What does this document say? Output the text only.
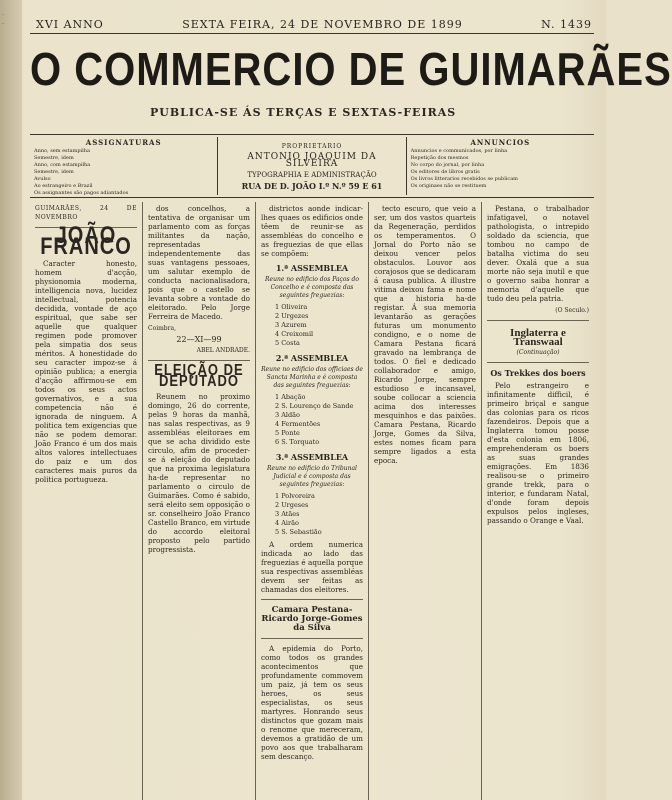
.
.	XVI ANNO	SEXTA FEIRA, 24 DE NOVEMBRO DE 1899	N. 1439
O COMMERCIO DE GUIMARÃES
PUBLICA-SE ÁS TERÇAS E SEXTAS-FEIRAS
ASSIGNATURAS
Anno, sem estampilha
Semestre, idem
Anno, com estampilha
Semestre, idem
Avulso
Ao estrangeiro e Brazil
Os assignantes são pagos adiantados
PROPRIETARIO
ANTONIO JOAQUIM DA SILVEIRA
TYPOGRAPHIA E ADMINISTRAÇÃO
RUA DE D. JOÃO I.º N.º 59 E 61
ANNUNCIOS
Annuncios e communicados, por linha
Repetição dos mesmos
No corpo do jornal, por linha
Os editores de libros gratis
Os livros litterarios recebidos se publicam
Os originaes não se restituem
GUIMARÃES, 24 DE NOVEMBRO
JOÃO FRANCO

Caracter honesto, homem d'acção, physionomia moderna, intelligencia nova, lucidez intellectual, potencia decidida, vontade de aço espiritual, que sabe ser aquelle que qualquer regimen pode promover pela simpatia dos seus méritos. A honestidade do seu caracter impoz-se á opinião publica; a energia d'acção affirmou-se em todos os seus actos governativos, e a sua competencia não é ignorada de ninguem. A politica tem exigencias que não se podem demorar. João Franco é um dos mais altos valores intellectuaes do paiz e um dos caracteres mais puros da politica portugueza.

dos concelhos, a tentativa de organisar um parlamento com as forças militantes da nação, representadas independentemente das suas vantagens pessoaes, um salutar exemplo de conducta nacionalisadora, pois que o castello se levanta sobre a vontade do eleitorado. Pelo Jorge Ferreira de Macedo.

Coimbra,
22—XI—99
ABEL ANDRADE.
ELEIÇÃO DE DEPUTADO

Reunem no proximo domingo, 26 do corrente, pelas 9 horas da manhã, nas salas respectivas, as 9 assembléas eleitoraes em que se acha dividido este circulo, afim de proceder-se á eleição do deputado que na proxima legislatura ha-de representar no parlamento o circulo de Guimarães. Como é sabido, será eleito sem opposição o sr. conselheiro João Franco Castello Branco, em virtude do accordo eleitoral proposto pelo partido progressista.

districtos aonde indicar-lhes quaes os edificios onde têem de reunir-se as assembléas do concelho e as freguezias de que ellas se compõem:

1.ª ASSEMBLEA
Reune no edificio dos Paços do Concelho e é composta das seguintes freguezias:
1 Oliveira
2 Urgezes
3 Azurem
4 Creixomil
5 Costa
2.ª ASSEMBLEA
Reune no edificio dos officiaes de Sancta Marinha e é composta das seguintes freguezias:
1 Abação
2 S. Lourenço de Sande
3 Aldão
4 Fermentões
5 Ponte
6 S. Torquato
3.ª ASSEMBLEA
Reune no edificio do Tribunal Judicial e é composta das seguintes freguezias:
1 Polvoreira
2 Urgeses
3 Atães
4 Airão
5 S. Sebastião

A ordem numerica indicada ao lado das freguezias é aquella porque sua respectivas assembléas devem ser feitas as chamadas dos eleitores.

Camara Pestana-Ricardo Jorge-Gomes da Silva

A epidemia do Porto, como todos os grandes acontecimentos que profundamente commovem um paiz, já tem os seus heroes, os seus especialistas, os seus martyres. Honrando seus distinctos que gozam mais o renome que mereceram, devemos a gratidão de um povo aos que trabalharam sem descanço.

tecto escuro, que veio a ser, um dos vastos quarteis da Regeneração, perdidos os temperamentos. O Jornal do Porto não se deixou vencer pelos obstaculos. Louvor aos corajosos que se dedicaram á causa publica. A illustre vitima deixou fama e nome que a historia ha-de registar. Á sua memoria levantarão as gerações futuras um monumento condigno, e o nome de Camara Pestana ficará gravado na lembrança de todos. O fiel e dedicado collaborador e amigo, Ricardo Jorge, sempre estudioso e incansavel, soube collocar a sciencia acima dos interesses mesquinhos e das paixões. Camara Pestana, Ricardo Jorge, Gomes da Silva, estes nomes ficam para sempre ligados a esta epoca.

Pestana, o trabalhador infatigavel, o notavel pathologista, o intrepido soldado da sciencia, que tombou no campo de batalha victima do seu dever. Oxalá que a sua morte não seja inutil e que o governo saiba honrar a memoria d'aquelle que tudo deu pela patria.

(O Seculo.)
Inglaterra e Transwaal
(Continuação)
Os Trekkes dos boers

Pelo estrangeiro e infinitamente difficil, é primeiro briçal e sangue das colonias para os ricos fazendeiros. Depois que a Inglaterra tomou posse d'esta colonia em 1806, emprehenderam os boers as suas grandes emigrações. Em 1836 realisou-se o primeiro grande trekk, para o interior, e fundaram Natal, d'onde foram depois expulsos pelos ingleses, passando o Orange e Vaal.
